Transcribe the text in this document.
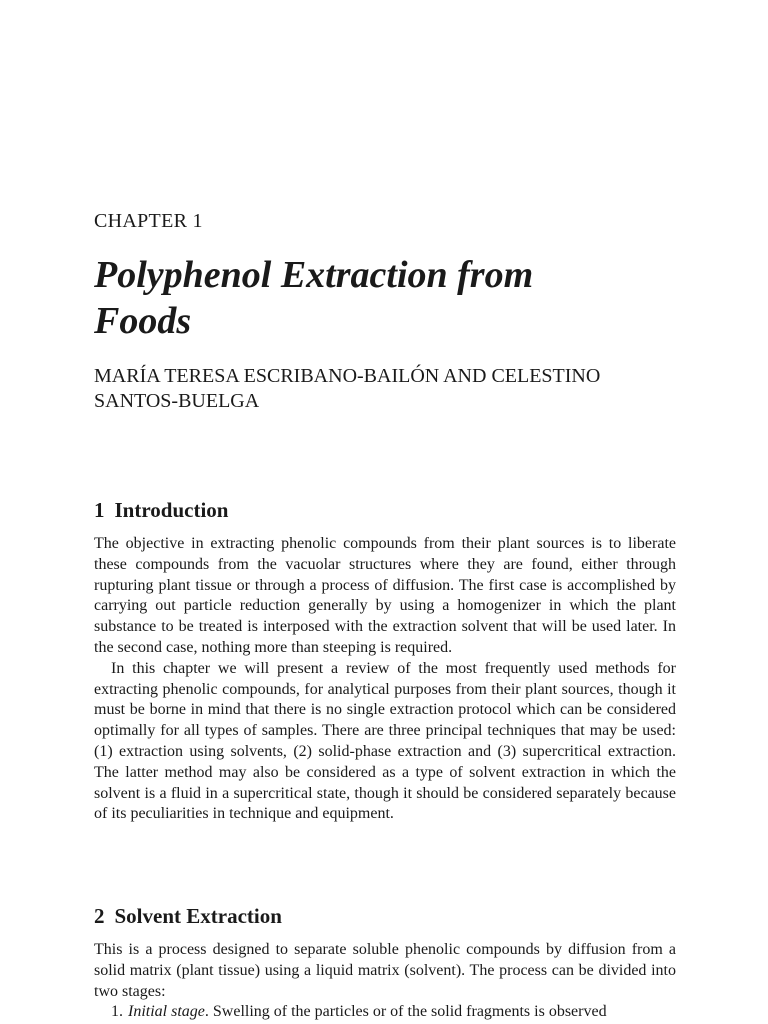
CHAPTER 1
Polyphenol Extraction from
Foods
MARÍA TERESA ESCRIBANO-BAILÓN AND CELESTINO
SANTOS-BUELGA
1 Introduction

The objective in extracting phenolic compounds from their plant sources is to liberate these compounds from the vacuolar structures where they are found, either through rupturing plant tissue or through a process of diffusion. The first case is accomplished by carrying out particle reduction generally by using a homogenizer in which the plant substance to be treated is interposed with the extraction solvent that will be used later. In the second case, nothing more than steeping is required.

In this chapter we will present a review of the most frequently used methods for extracting phenolic compounds, for analytical purposes from their plant sources, though it must be borne in mind that there is no single extraction protocol which can be considered optimally for all types of samples. There are three principal techniques that may be used: (1) extraction using solvents, (2) solid-phase extraction and (3) supercritical extraction. The latter method may also be considered as a type of solvent extraction in which the solvent is a fluid in a supercritical state, though it should be considered separately because of its peculiarities in technique and equipment.

2 Solvent Extraction

This is a process designed to separate soluble phenolic compounds by diffusion from a solid matrix (plant tissue) using a liquid matrix (solvent). The process can be divided into two stages:

1. Initial stage. Swelling of the particles or of the solid fragments is observed
